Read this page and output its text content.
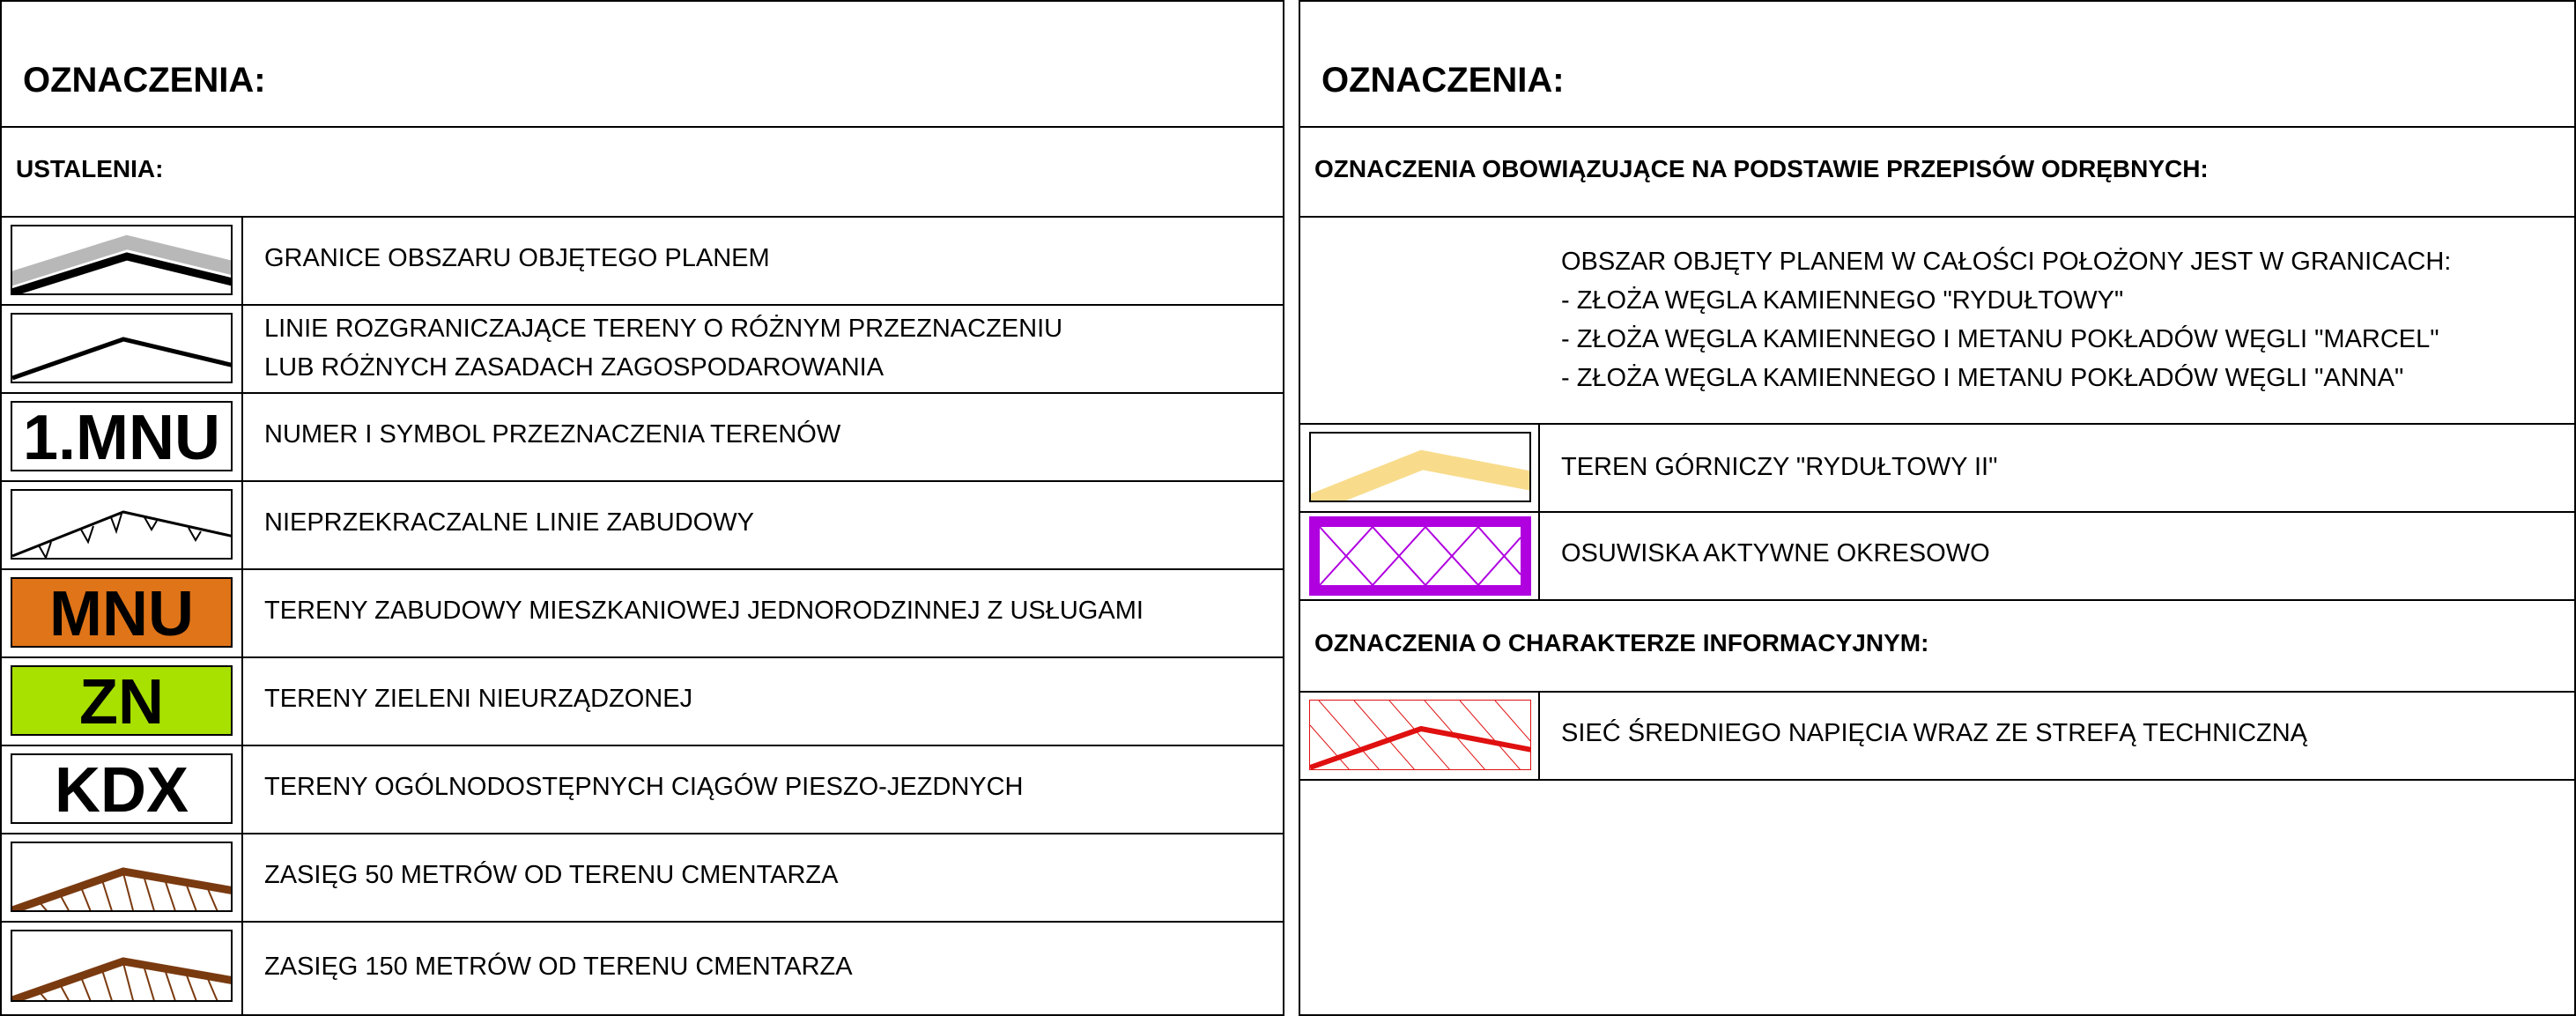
OZNACZENIA:
USTALENIA:
GRANICE OBSZARU OBJĘTEGO PLANEM
LINIE ROZGRANICZAJĄCE TERENY O RÓŻNYM PRZEZNACZENIU
LUB RÓŻNYCH ZASADACH ZAGOSPODAROWANIA
1.MNU	NUMER I SYMBOL PRZEZNACZENIA TERENÓW
NIEPRZEKRACZALNE LINIE ZABUDOWY
MNU	TERENY ZABUDOWY MIESZKANIOWEJ JEDNORODZINNEJ Z USŁUGAMI
ZN	TERENY ZIELENI NIEURZĄDZONEJ
KDX	TERENY OGÓLNODOSTĘPNYCH CIĄGÓW PIESZO-JEZDNYCH
ZASIĘG 50 METRÓW OD TERENU CMENTARZA
ZASIĘG 150 METRÓW OD TERENU CMENTARZA
OZNACZENIA:
OZNACZENIA OBOWIĄZUJĄCE NA PODSTAWIE PRZEPISÓW ODRĘBNYCH:
OBSZAR OBJĘTY PLANEM W CAŁOŚCI POŁOŻONY JEST W GRANICACH:
- ZŁOŻA WĘGLA KAMIENNEGO "RYDUŁTOWY"
- ZŁOŻA WĘGLA KAMIENNEGO I METANU POKŁADÓW WĘGLI "MARCEL"
- ZŁOŻA WĘGLA KAMIENNEGO I METANU POKŁADÓW WĘGLI "ANNA"
TEREN GÓRNICZY "RYDUŁTOWY II"
OSUWISKA AKTYWNE OKRESOWO
OZNACZENIA O CHARAKTERZE INFORMACYJNYM:
SIEĆ ŚREDNIEGO NAPIĘCIA WRAZ ZE STREFĄ TECHNICZNĄ
